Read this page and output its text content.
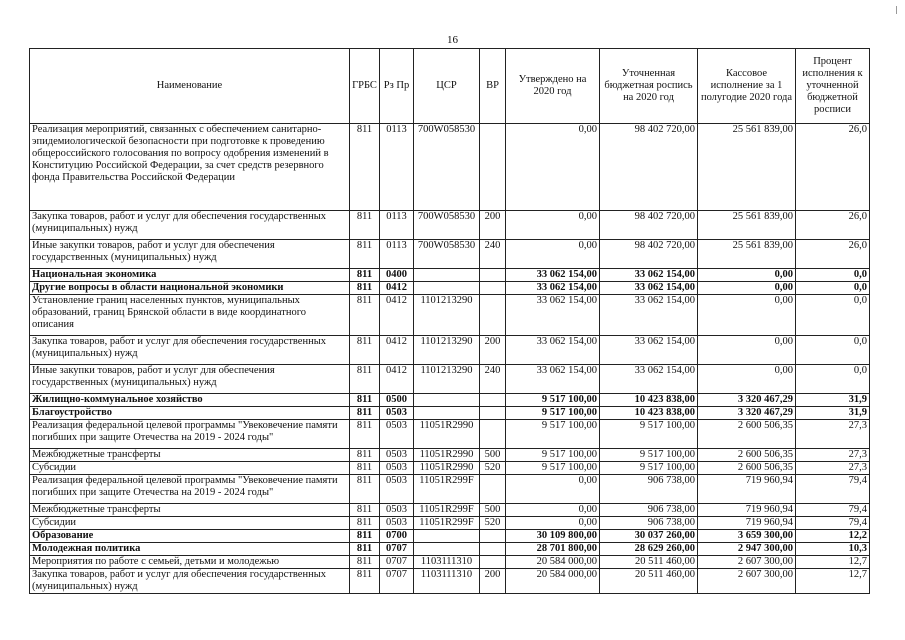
16
Наименование	ГРБС	Рз Пр	ЦСР	ВР	Утверждено на 2020 год	Уточненная бюджетная роспись на 2020 год	Кассовое исполнение за 1 полугодие 2020 года	Процент исполнения к уточненной бюджетной росписи
Реализация мероприятий, связанных с обеспечением санитарно-эпидемиологической безопасности при подготовке к проведению общероссийского голосования по вопросу одобрения изменений в Конституцию Российской Федерации, за счет средств резервного фонда Правительства Российской Федерации	811	0113	700W058530		0,00	98 402 720,00	25 561 839,00	26,0
Закупка товаров, работ и услуг для обеспечения государственных (муниципальных) нужд	811	0113	700W058530	200	0,00	98 402 720,00	25 561 839,00	26,0
Иные закупки товаров, работ и услуг для обеспечения государственных (муниципальных) нужд	811	0113	700W058530	240	0,00	98 402 720,00	25 561 839,00	26,0
Национальная экономика	811	0400			33 062 154,00	33 062 154,00	0,00	0,0
Другие вопросы в области национальной экономики	811	0412			33 062 154,00	33 062 154,00	0,00	0,0
Установление границ населенных пунктов, муниципальных образований, границ Брянской области в виде координатного описания	811	0412	1101213290		33 062 154,00	33 062 154,00	0,00	0,0
Закупка товаров, работ и услуг для обеспечения государственных (муниципальных) нужд	811	0412	1101213290	200	33 062 154,00	33 062 154,00	0,00	0,0
Иные закупки товаров, работ и услуг для обеспечения государственных (муниципальных) нужд	811	0412	1101213290	240	33 062 154,00	33 062 154,00	0,00	0,0
Жилищно-коммунальное хозяйство	811	0500			9 517 100,00	10 423 838,00	3 320 467,29	31,9
Благоустройство	811	0503			9 517 100,00	10 423 838,00	3 320 467,29	31,9
Реализация федеральной целевой программы "Увековечение памяти погибших при защите Отечества на 2019 - 2024 годы"	811	0503	11051R2990		9 517 100,00	9 517 100,00	2 600 506,35	27,3
Межбюджетные трансферты	811	0503	11051R2990	500	9 517 100,00	9 517 100,00	2 600 506,35	27,3
Субсидии	811	0503	11051R2990	520	9 517 100,00	9 517 100,00	2 600 506,35	27,3
Реализация федеральной целевой программы "Увековечение памяти погибших при защите Отечества на 2019 - 2024 годы"	811	0503	11051R299F		0,00	906 738,00	719 960,94	79,4
Межбюджетные трансферты	811	0503	11051R299F	500	0,00	906 738,00	719 960,94	79,4
Субсидии	811	0503	11051R299F	520	0,00	906 738,00	719 960,94	79,4
Образование	811	0700			30 109 800,00	30 037 260,00	3 659 300,00	12,2
Молодежная политика	811	0707			28 701 800,00	28 629 260,00	2 947 300,00	10,3
Мероприятия по работе с семьей, детьми и молодежью	811	0707	1103111310		20 584 000,00	20 511 460,00	2 607 300,00	12,7
Закупка товаров, работ и услуг для обеспечения государственных (муниципальных) нужд	811	0707	1103111310	200	20 584 000,00	20 511 460,00	2 607 300,00	12,7
